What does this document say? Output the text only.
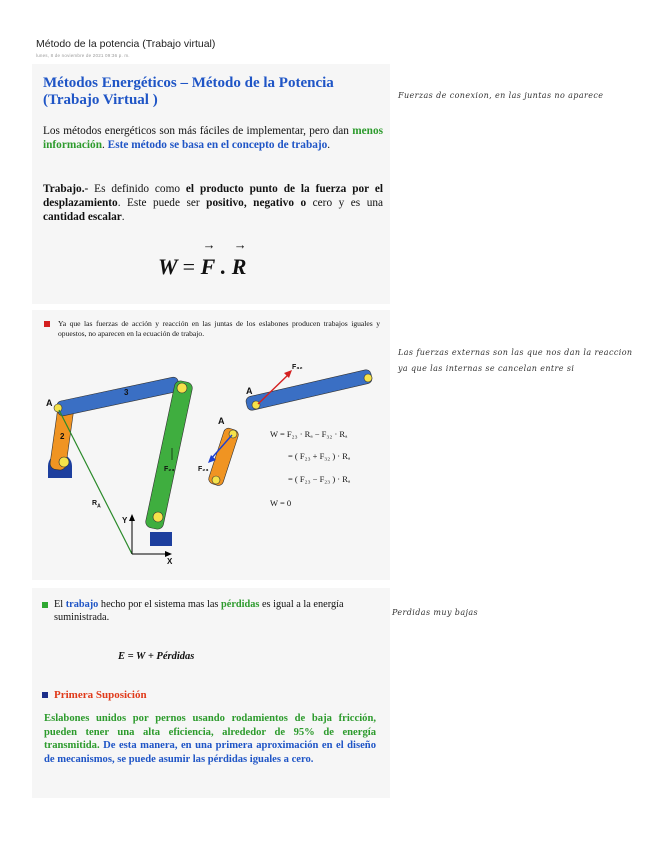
Método de la potencia (Trabajo virtual)
lunes, 8 de noviembre de 2021 09:36 p. m.
Métodos Energéticos – Método de la Potencia (Trabajo Virtual )
Los métodos energéticos son más fáciles de implementar, pero dan menos información. Este método se basa en el concepto de trabajo.
Trabajo.- Es definido como el producto punto de la fuerza por el desplazamiento. Este puede ser positivo, negativo o cero y es una cantidad escalar.
W = → F . → R
Fuerzas de conexion, en las juntas no aparece
Ya que las fuerzas de acción y reacción en las juntas de los eslabones producen trabajos iguales y opuestos, no aparecen en la ecuación de trabajo.
A
2
3
F₂₃
$R_A$
Y
X
A
A
F₃₂
F₂₃
W = F₂₃ · Rₐ − F₃₂ · Rₐ
= ( F₂₃ + F₃₂ ) · Rₐ
= ( F₂₃ − F₂₃ ) · Rₐ
W = 0
Las fuerzas externas son las que nos dan la reaccion
ya que las internas se cancelan entre si
El trabajo hecho por el sistema mas las pérdidas es igual a la energía suministrada.
E = W + Pérdidas
Primera Suposición
Eslabones unidos por pernos usando rodamientos de baja fricción, pueden tener una alta eficiencia, alrededor de 95% de energía transmitida. De esta manera, en una primera aproximación en el diseño de mecanismos, se puede asumir las pérdidas iguales a cero.
Perdidas muy bajas
